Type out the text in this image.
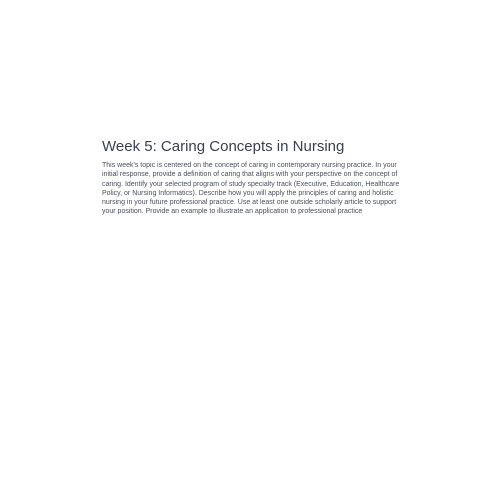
Week 5: Caring Concepts in Nursing

This week's topic is centered on the concept of caring in contemporary nursing practice. In your initial response, provide a definition of caring that aligns with your perspective on the concept of caring. Identify your selected program of study specialty track (Executive, Education, Healthcare Policy, or Nursing Informatics). Describe how you will apply the principles of caring and holistic nursing in your future professional practice. Use at least one outside scholarly article to support your position. Provide an example to illustrate an application to professional practice
